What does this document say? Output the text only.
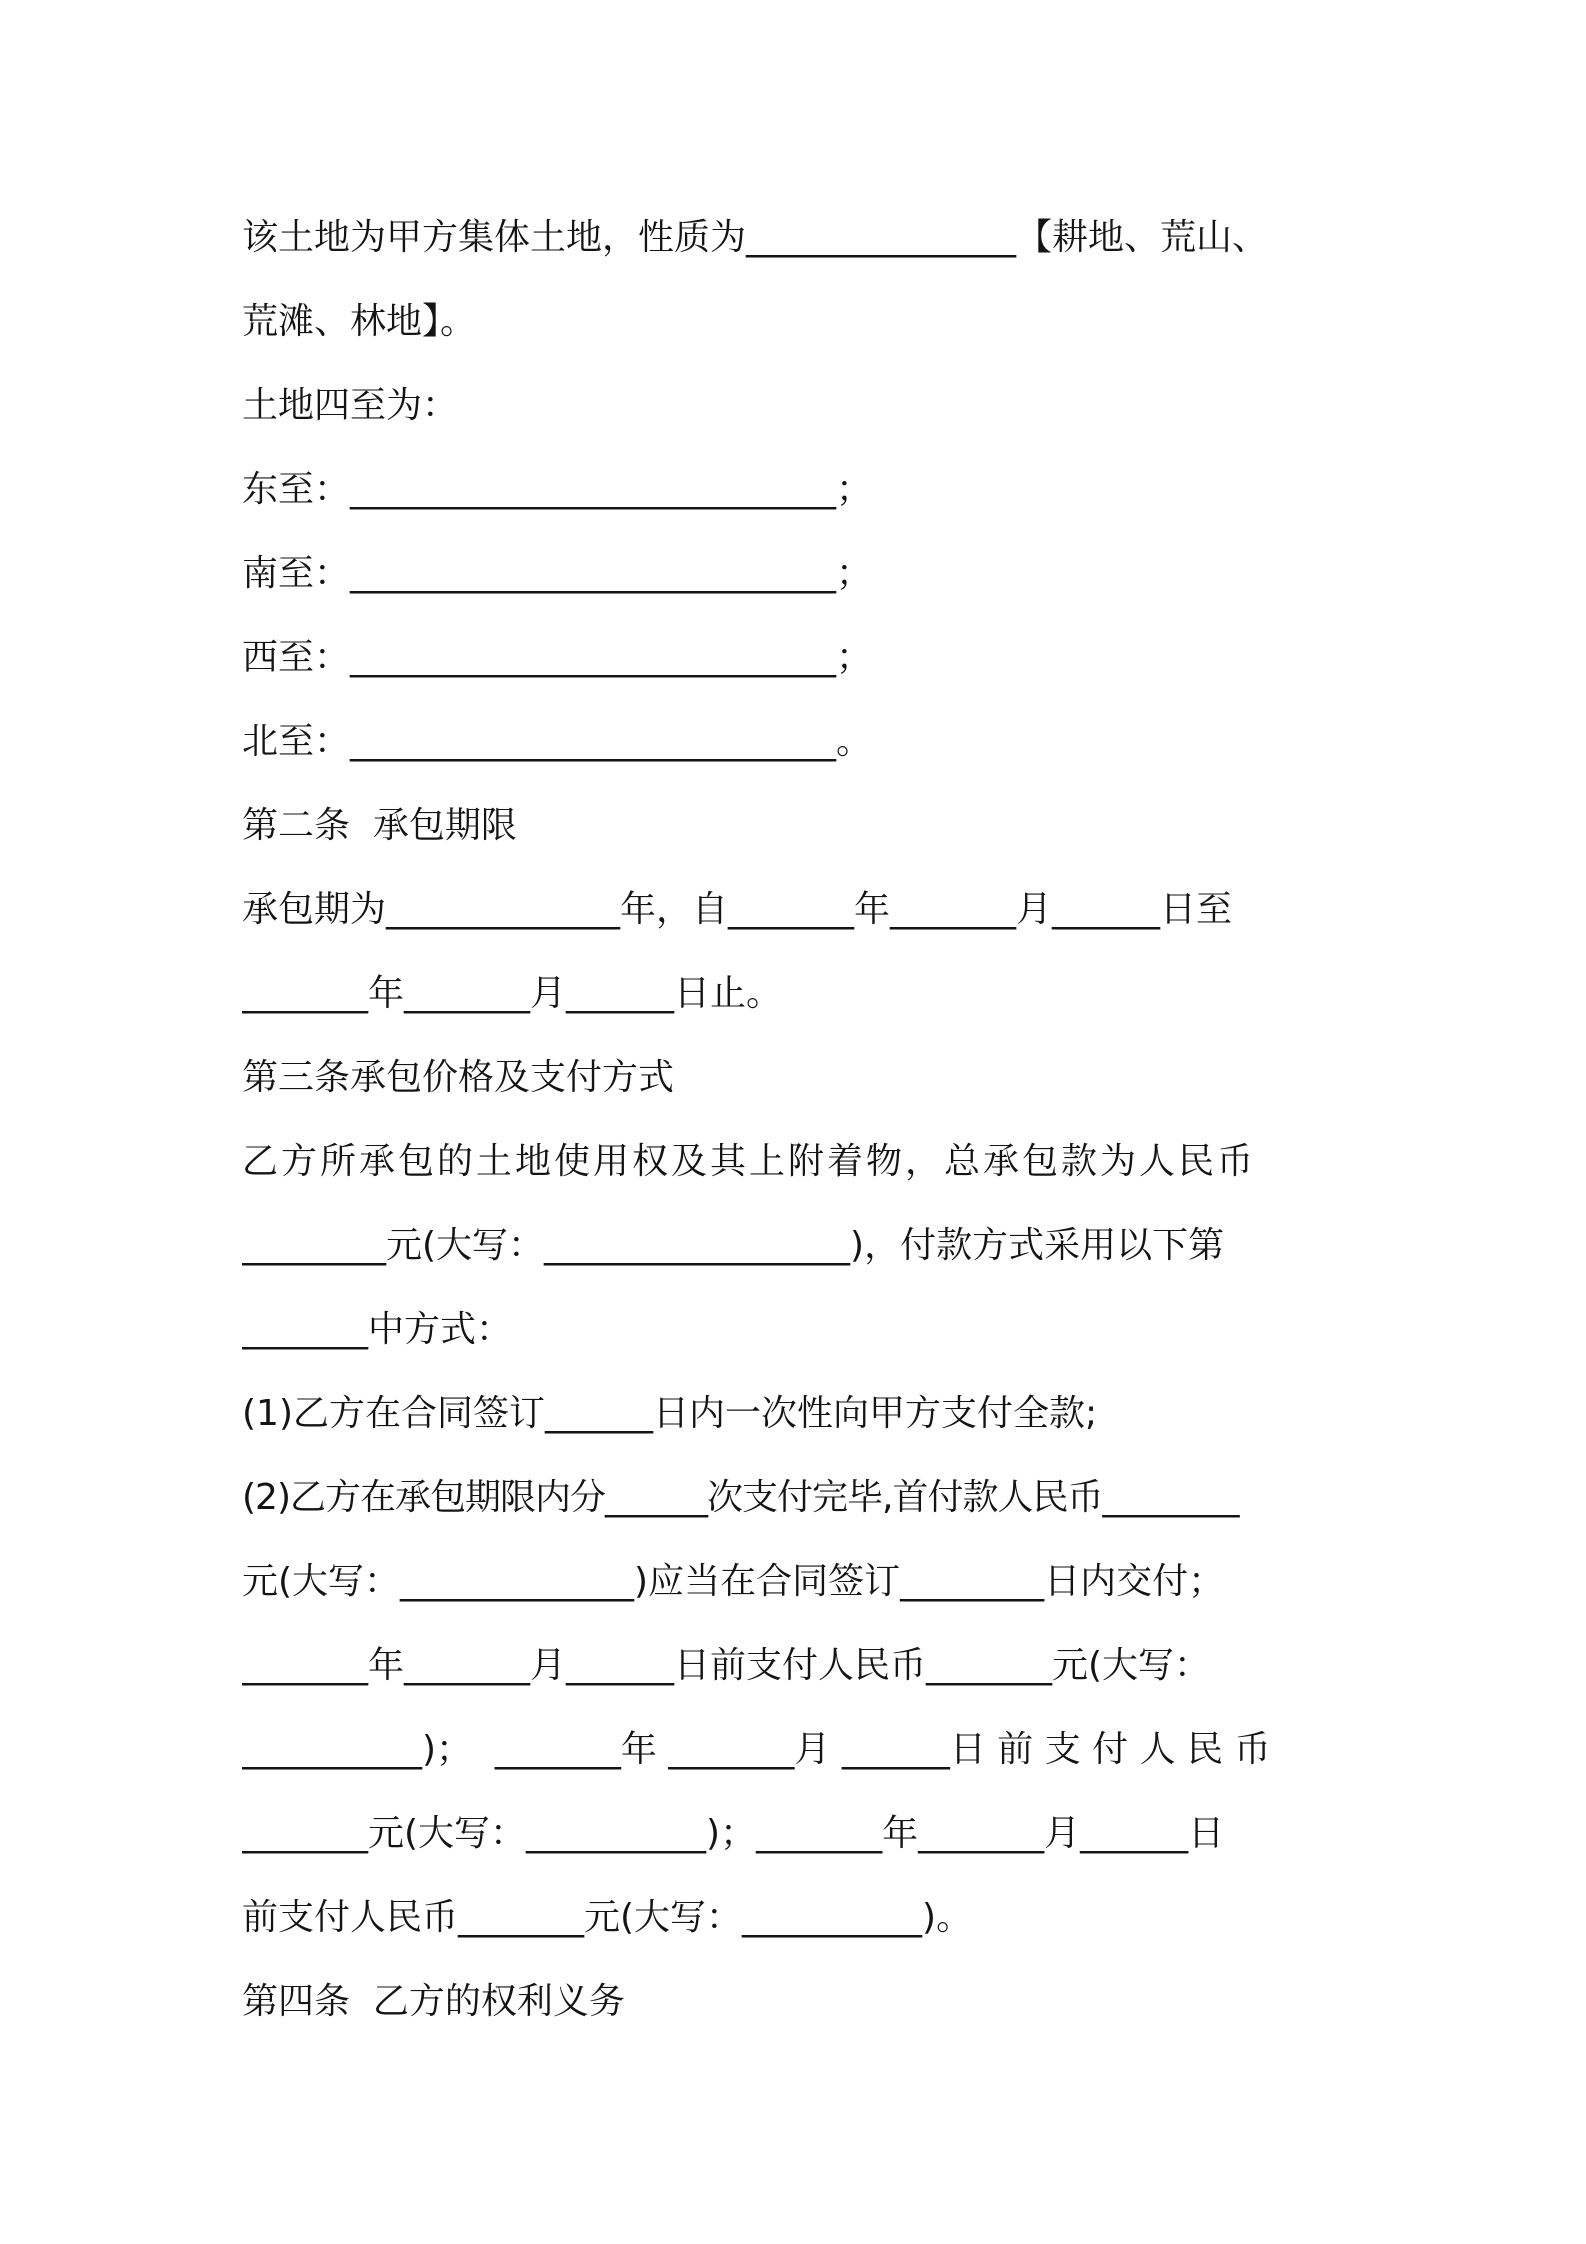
该土地为甲方集体土地，性质为_______________【耕地、荒山、
荒滩、林地】。
土地四至为：
东至：___________________________；
南至：___________________________；
西至：___________________________；
北至：___________________________。
第二条  承包期限
承包期为_____________年，自_______年_______月______日至
_______年_______月______日止。
第三条承包价格及支付方式
乙方所承包的土地使用权及其上附着物，总承包款为人民币
________元(大写：_________________)，付款方式采用以下第
_______中方式：
(1)乙方在合同签订______日内一次性向甲方支付全款;
(2)乙方在承包期限内分______次支付完毕,首付款人民币________
元(大写：_____________)应当在合同签订________日内交付；
_______年_______月______日前支付人民币_______元(大写：
__________)；  _______年 _______月 ______日 前 支 付 人 民 币
_______元(大写：__________)；_______年_______月______日
前支付人民币_______元(大写：__________)。
第四条  乙方的权利义务
